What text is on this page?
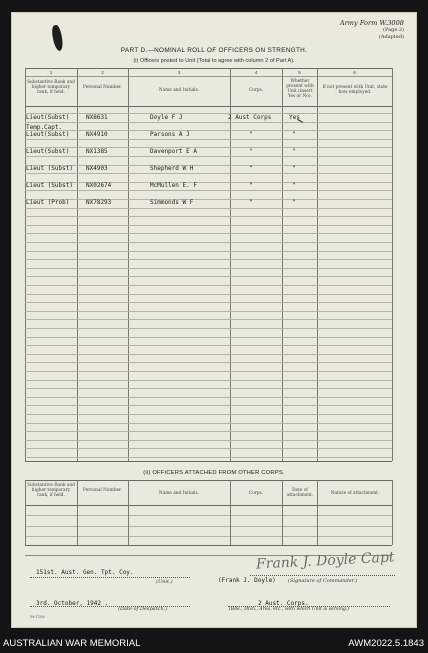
Army Form W.3008
(Page 2)
(Adapted)
PART D.—NOMINAL ROLL OF OFFICERS ON STRENGTH.
(i) Officers posted to Unit (Total to agree with column 2 of Part A).
1	2	3	4	5	6
Substantive Rank and higher temporary rank, if held.
Personal Number.
Name and Initials.	Corps.
Whether present with Unit (insert Yes or No).
If not present with Unit, state how employed.
Lieut(Subst)
Temp.Capt.
NX8631	Doyle F J	2 Aust Corps	Yes
Lieut(Subst)	NX4910	Parsons A J	"	"
Lieut(Subst)	NX1385	Davenport E A	"	"
Lieut (Subst) NX4903	Shepherd W H	"	"
Lieut (Subst) NX02674	McMullen E. F	"	"
Lieut (Prob)	NX78293	Simmonds W F	"	"
(ii) OFFICERS ATTACHED FROM OTHER CORPS.
Substantive Rank and higher temporary rank, if held.
Personal Number.
Name and Initials.	Corps.
Date of attachment.	Nature of attachment.
151st. Aust. Gen. Tpt. Coy.
(Unit.)
Frank J. Doyle Capt
(Frank J. Doyle) (Signature of Commander.)
3rd. October, 1942 .
(Date of Despatch.)
2 Aust. Corps.
(Bde., Divn., Area, etc., with which Unit is serving.)
58-1108
AUSTRALIAN WAR MEMORIAL	AWM2022.5.1843
